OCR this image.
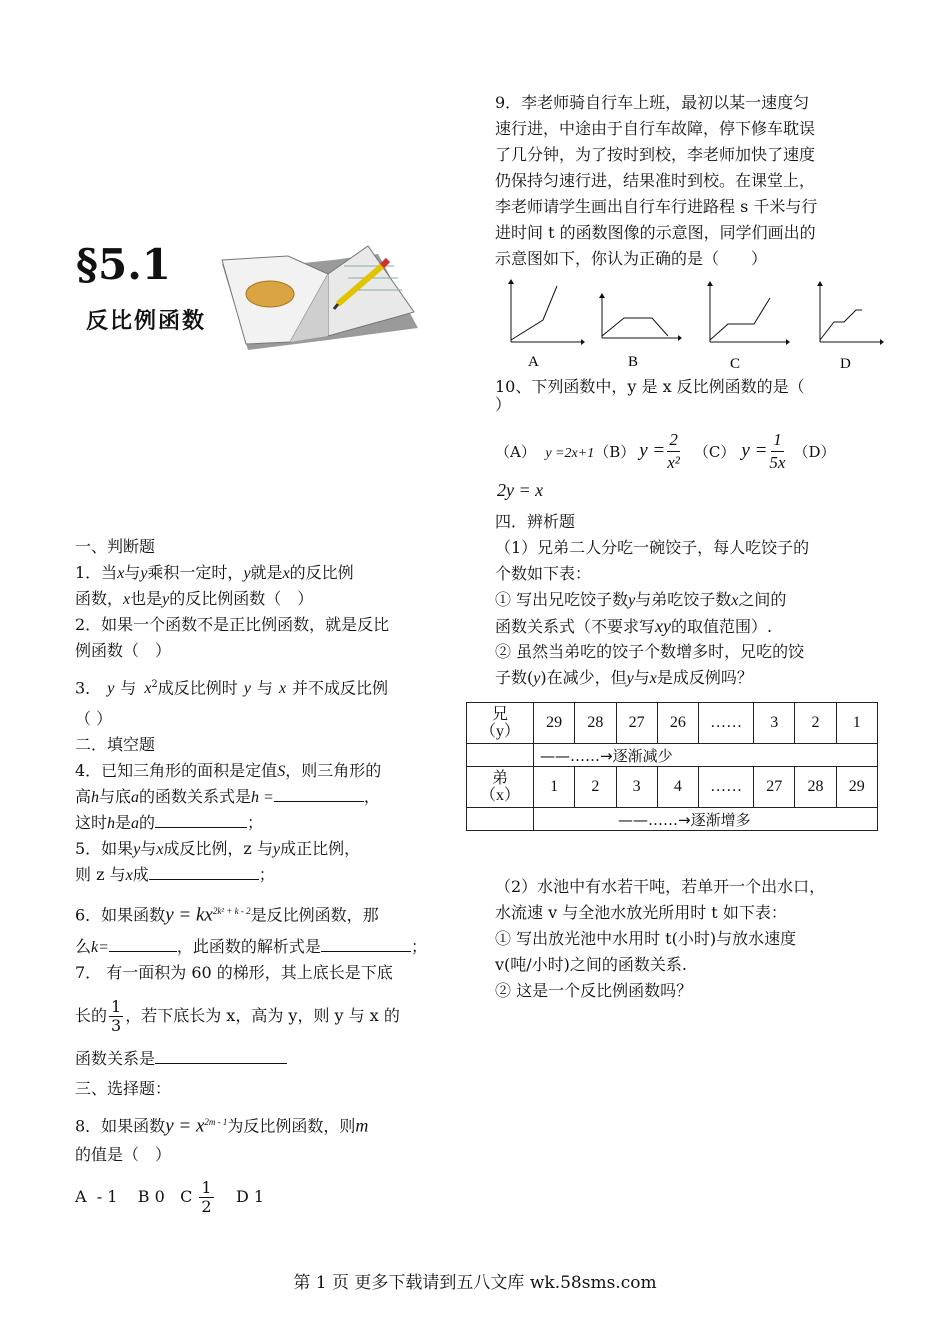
§5.1
反比例函数
一、判断题
1．当x与y乘积一定时，y就是x的反比例
函数，x也是y的反比例函数（　）
2．如果一个函数不是正比例函数，就是反比
例函数（　）
3． y 与 $x^2$成反比例时 y 与 x 并不成反比例
（ ）
二．填空题
4．已知三角形的面积是定值S，则三角形的
高h与底a的函数关系式是h =	，
这时h是a的	；
5．如果y与x成反比例，z 与y成正比例，
则 z 与x成	；
6．如果函数$y = kx^{2k^2 + k - 2}$是反比例函数，那
么k=	，此函数的解析式是	；
7． 有一面积为 60 的梯形，其上底长是下底
长的 $\frac{1}{3}$ ，若下底长为 x，高为 y，则 y 与 x 的
函数关系是
三、选择题：
8．如果函数$y = x^{2m - 1}$为反比例函数，则m
的值是（　）
A - 1 B 0 C $\frac{1}{2}$ D 1
9．李老师骑自行车上班，最初以某一速度匀
速行进，中途由于自行车故障，停下修车耽误
了几分钟，为了按时到校，李老师加快了速度
仍保持匀速行进，结果准时到校。在课堂上，
李老师请学生画出自行车行进路程 s 千米与行
进时间 t 的函数图像的示意图，同学们画出的
示意图如下，你认为正确的是（　　）
A	B	C	D
10、下列函数中，y 是 x 反比例函数的是（
）
（A） y =2x+1 （B） $y = \frac{2}{\text{x²}} (C) y = \frac{1}{5x} (D)$
2y = x
四．辨析题
（1）兄弟二人分吃一碗饺子，每人吃饺子的
个数如下表：
① 写出兄吃饺子数y与弟吃饺子数x之间的
函数关系式（不要求写xy的取值范围）.
② 虽然当弟吃的饺子个数增多时，兄吃的饺
子数(y)在减少，但y与x是成反例吗？
兄
（y）	29	28	27	26	……	3	2	1
	——……→逐渐减少							
弟
（x）	1	2	3	4	……	27	28	29
	——……→逐渐增多							
（2）水池中有水若干吨，若单开一个出水口，
水流速 v 与全池水放光所用时 t 如下表：
① 写出放光池中水用时 t(小时)与放水速度
v(吨/小时)之间的函数关系.
② 这是一个反比例函数吗？
第 1 页 更多下载请到五八文库 wk.58sms.com
